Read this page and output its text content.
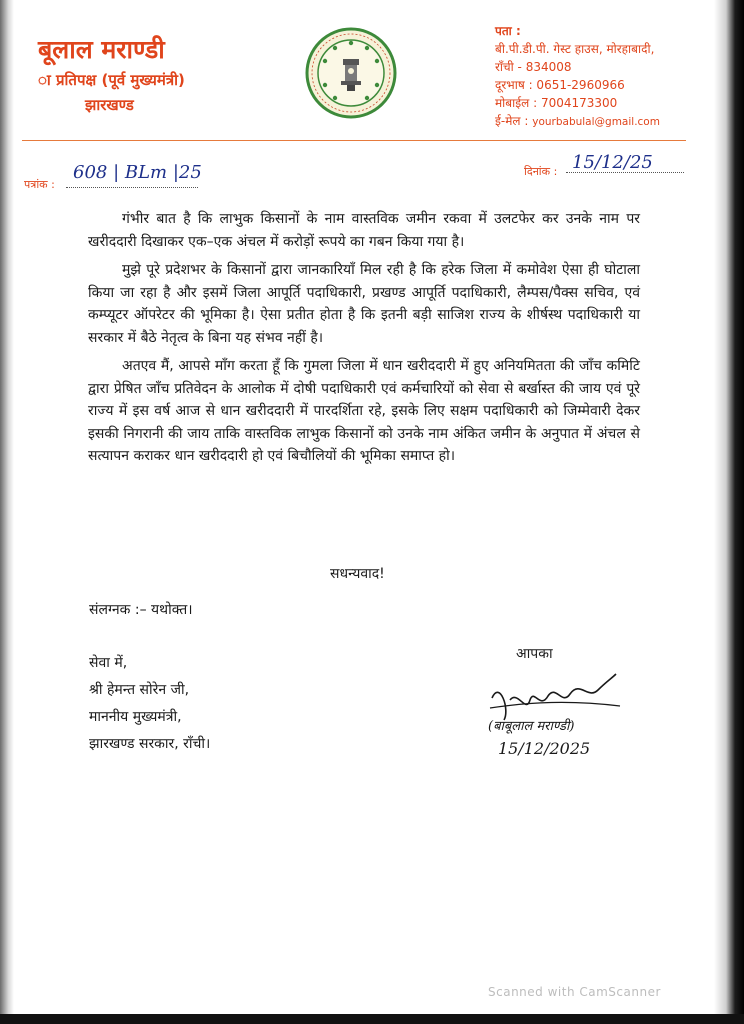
बूलाल मराण्डी
ा प्रतिपक्ष (पूर्व मुख्यमंत्री)
झारखण्ड
पता :
बी.पी.डी.पी. गेस्ट हाउस, मोरहाबादी,
राँची - 834008
दूरभाष : 0651-2960966
मोबाईल : 7004173300
ई-मेल : yourbabulal@gmail.com
पत्रांक :
608 | BLm |25	दिनांक : 15/12/25

गंभीर बात है कि लाभुक किसानों के नाम वास्तविक जमीन रकवा में उलटफेर कर उनके नाम पर खरीददारी दिखाकर एक–एक अंचल में करोड़ों रूपये का गबन किया गया है।

मुझे पूरे प्रदेशभर के किसानों द्वारा जानकारियाँ मिल रही है कि हरेक जिला में कमोवेश ऐसा ही घोटाला किया जा रहा है और इसमें जिला आपूर्ति पदाधिकारी, प्रखण्ड आपूर्ति पदाधिकारी, लैम्पस/पैक्स सचिव, एवं कम्प्यूटर ऑपरेटर की भूमिका है। ऐसा प्रतीत होता है कि इतनी बड़ी साजिश राज्य के शीर्षस्थ पदाधिकारी या सरकार में बैठे नेतृत्व के बिना यह संभव नहीं है।

अतएव मैं, आपसे माँग करता हूँ कि गुमला जिला में धान खरीददारी में हुए अनियमितता की जाँच कमिटि द्वारा प्रेषित जाँच प्रतिवेदन के आलोक में दोषी पदाधिकारी एवं कर्मचारियों को सेवा से बर्खास्त की जाय एवं पूरे राज्य में इस वर्ष आज से धान खरीददारी में पारदर्शिता रहे, इसके लिए सक्षम पदाधिकारी को जिम्मेवारी देकर इसकी निगरानी की जाय ताकि वास्तविक लाभुक किसानों को उनके नाम अंकित जमीन के अनुपात में अंचल से सत्यापन कराकर धान खरीददारी हो एवं बिचौलियों की भूमिका समाप्त हो।

सधन्यवाद!
संलग्नक :– यथोक्त।
सेवा में,
श्री हेमन्त सोरेन जी,
माननीय मुख्यमंत्री,
झारखण्ड सरकार, राँची।
आपका
(बाबूलाल मराण्डी)
15/12/2025
Scanned with CamScanner
